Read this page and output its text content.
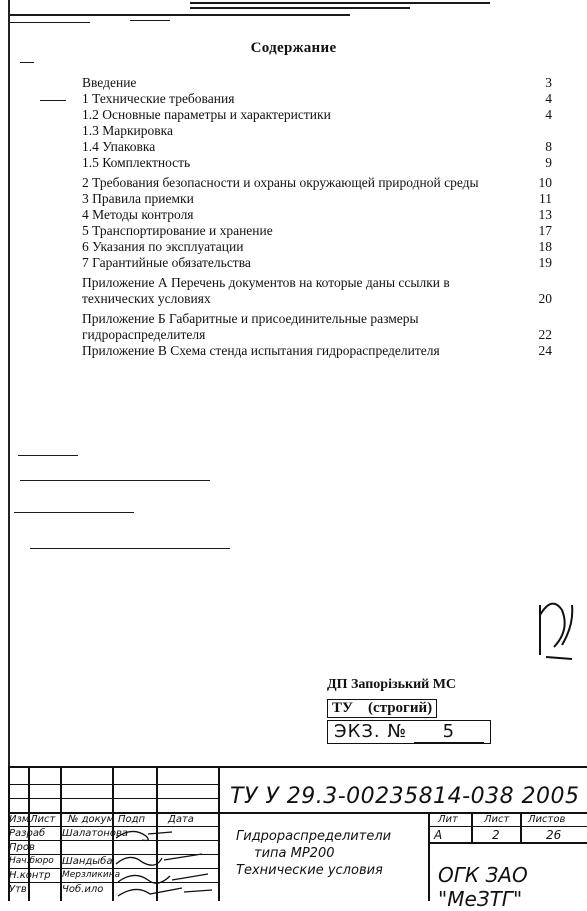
Содержание
Введение	3
1 Технические требования	4
1.2 Основные параметры и характеристики	4
1.3 Маркировка
1.4 Упаковка	8
1.5 Комплектность	9
2 Требования безопасности и охраны окружающей природной среды	10
3 Правила приемки	11
4 Методы контроля	13
5 Транспортирование и хранение	17
6 Указания по эксплуатации	18
7 Гарантийные обязательства	19
Приложение А Перечень документов на которые даны ссылки в технических условиях	20
Приложение Б Габаритные и присоединительные размеры гидрораспределителя	22
Приложение В Схема стенда испытания гидрораспределителя	24
ДП Запорізький МС
ТУ (строгий)
ЭКЗ. № 5
Изм Лист № докум Подп Дата
Разраб Шалатонова
Пров
Нач.бюро Шандыба
Н.контр Мерзликина
Утв	Чоб.ило
ТУ У 29.3-00235814-038 2005
Гидрораспределители
типа МР200
Технические условия
Лит	Лист Листов
А	2	26
ОГК ЗАО "МеЗТГ"
